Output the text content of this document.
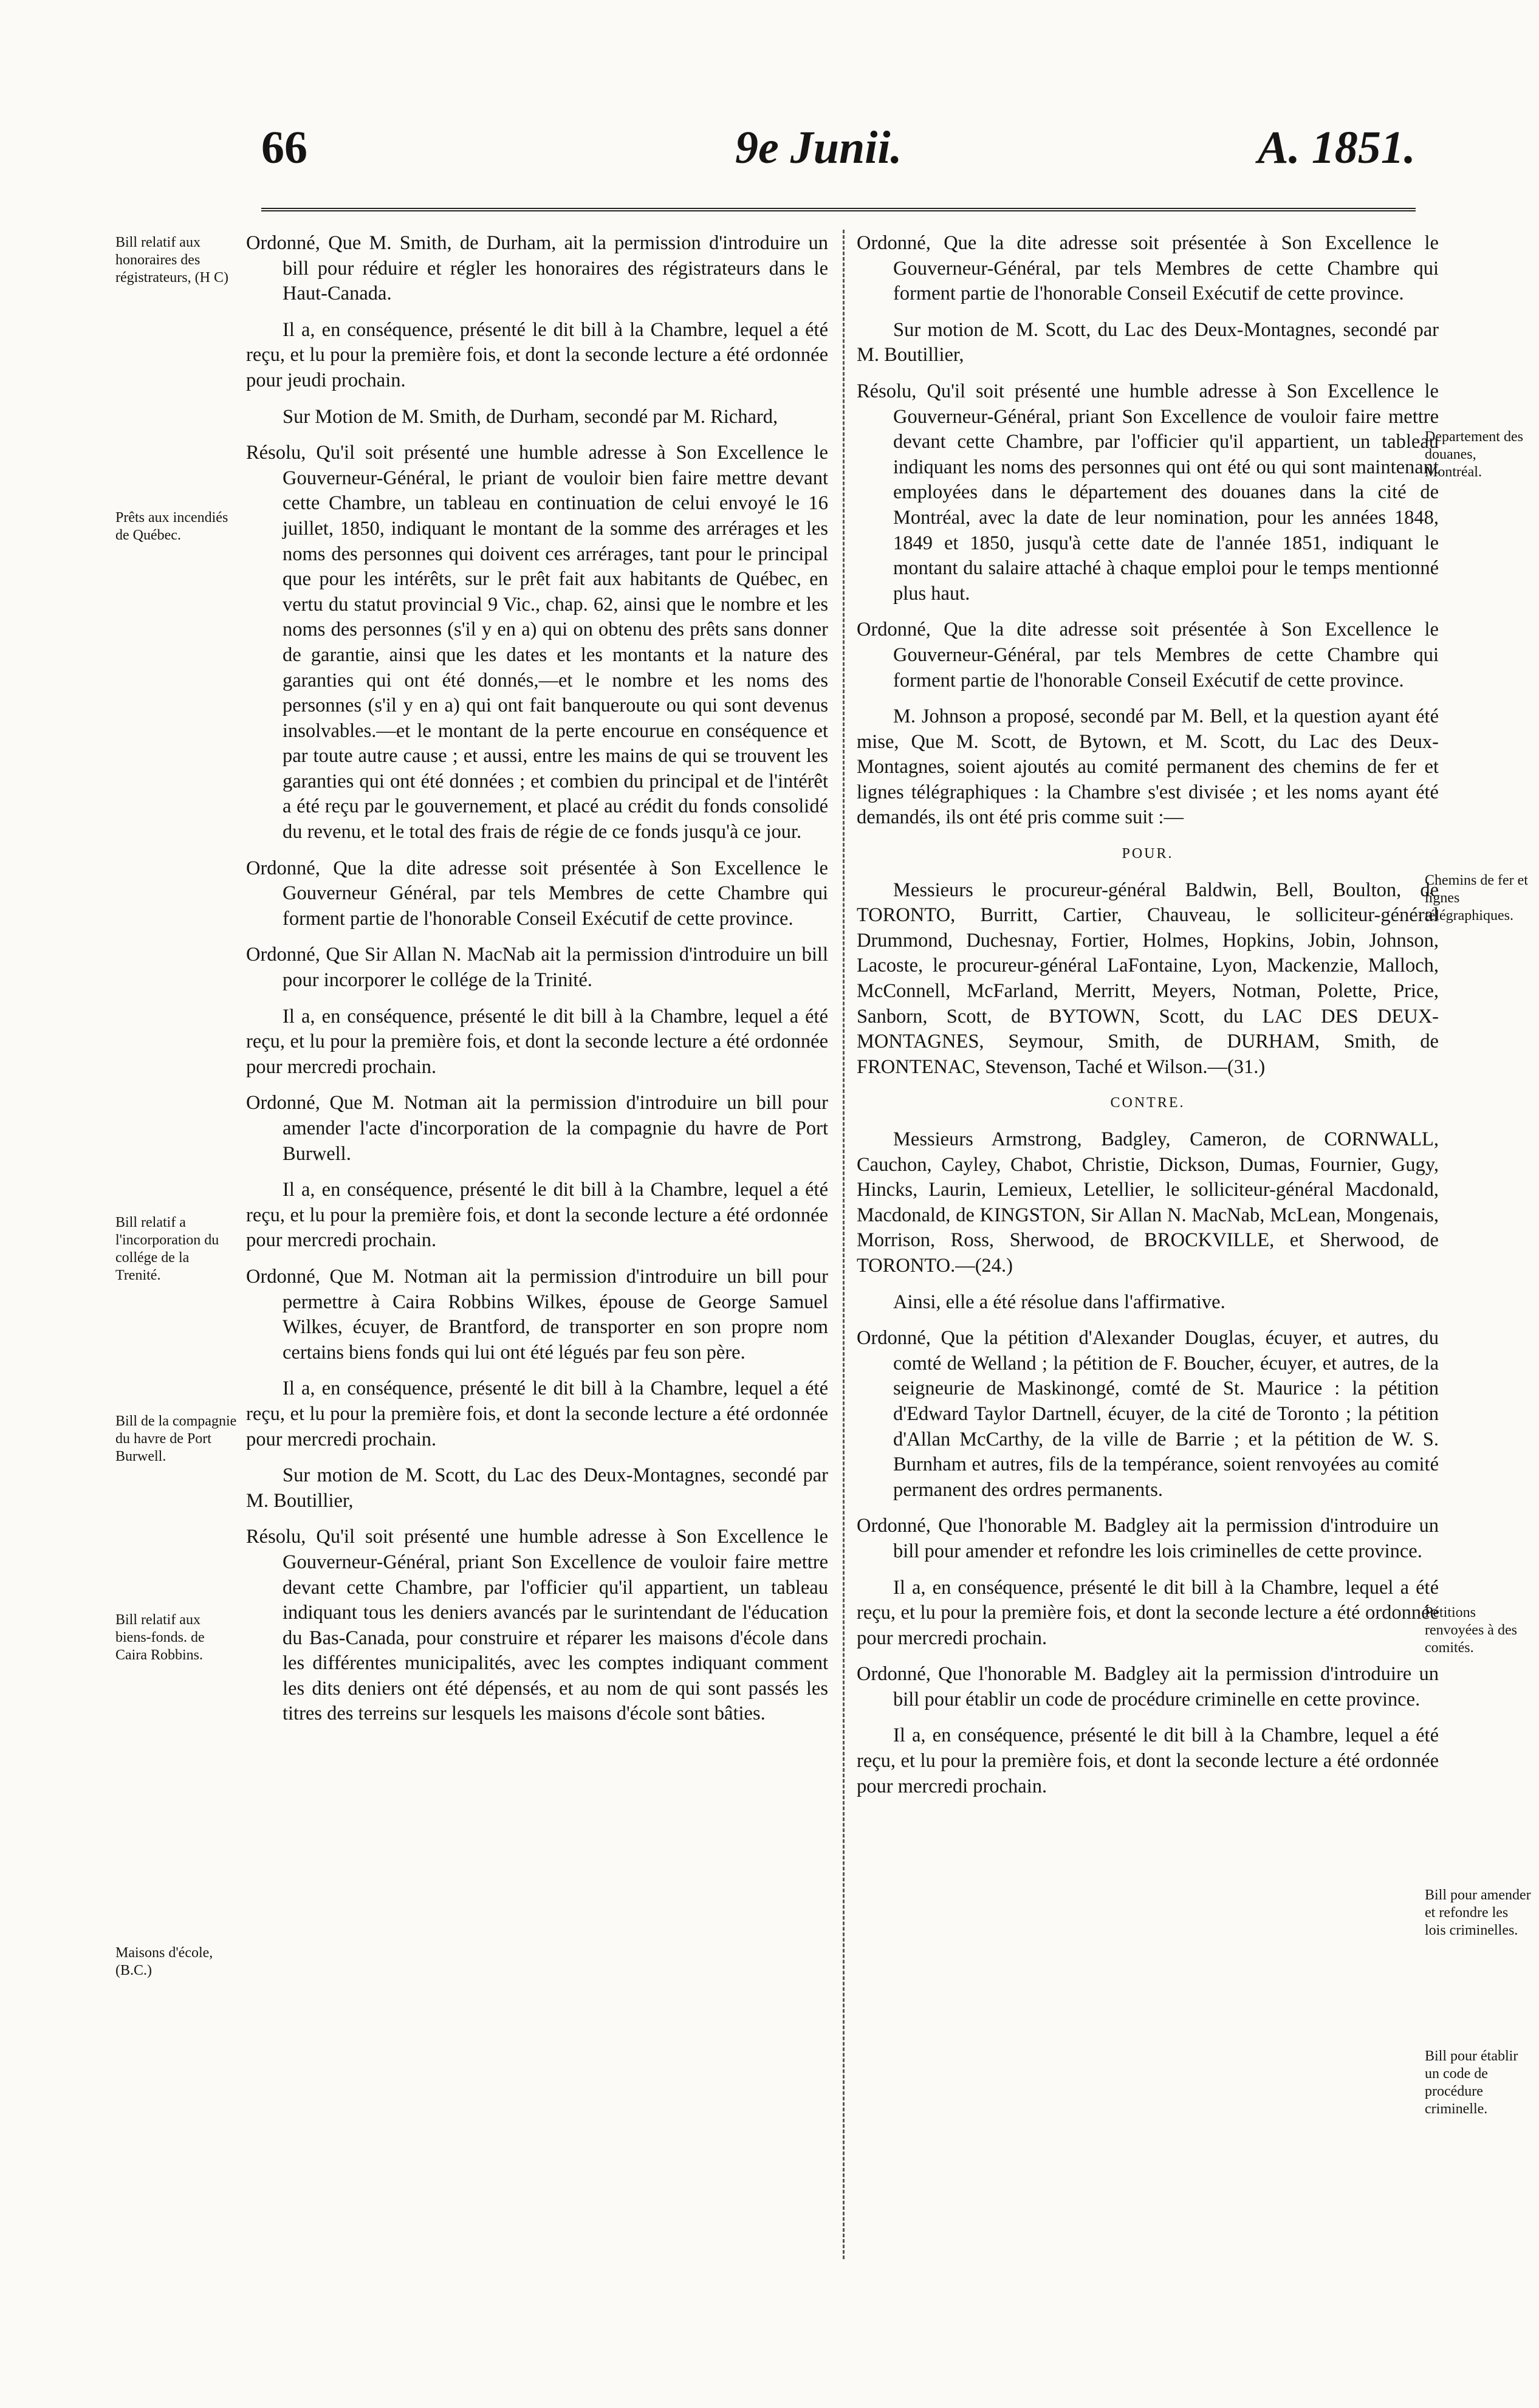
66	9e Junii.	A. 1851.
Bill relatif aux honoraires des régistrateurs, (H C)
Prêts aux incendiés de Québec.
Bill relatif a l'incorporation du collége de la Trenité.
Bill de la compagnie du havre de Port Burwell.
Bill relatif aux biens-fonds. de Caira Robbins.
Maisons d'école, (B.C.)
Departement des douanes, Montréal.
Chemins de fer et lignes télégraphiques.
Pétitions renvoyées à des comités.
Bill pour amender et refondre les lois criminelles.
Bill pour établir un code de procédure criminelle.

Ordonné, Que M. Smith, de Durham, ait la permission d'introduire un bill pour réduire et régler les honoraires des régistrateurs dans le Haut-Canada.

Il a, en conséquence, présenté le dit bill à la Chambre, lequel a été reçu, et lu pour la première fois, et dont la seconde lecture a été ordonnée pour jeudi prochain.

Sur Motion de M. Smith, de Durham, secondé par M. Richard,

Résolu, Qu'il soit présenté une humble adresse à Son Excellence le Gouverneur-Général, le priant de vouloir bien faire mettre devant cette Chambre, un tableau en continuation de celui envoyé le 16 juillet, 1850, indiquant le montant de la somme des arrérages et les noms des personnes qui doivent ces arrérages, tant pour le principal que pour les intérêts, sur le prêt fait aux habitants de Québec, en vertu du statut provincial 9 Vic., chap. 62, ainsi que le nombre et les noms des personnes (s'il y en a) qui on obtenu des prêts sans donner de garantie, ainsi que les dates et les montants et la nature des garanties qui ont été donnés,—et le nombre et les noms des personnes (s'il y en a) qui ont fait banqueroute ou qui sont devenus insolvables.—et le montant de la perte encourue en conséquence et par toute autre cause ; et aussi, entre les mains de qui se trouvent les garanties qui ont été données ; et combien du principal et de l'intérêt a été reçu par le gouvernement, et placé au crédit du fonds consolidé du revenu, et le total des frais de régie de ce fonds jusqu'à ce jour.

Ordonné, Que la dite adresse soit présentée à Son Excellence le Gouverneur Général, par tels Membres de cette Chambre qui forment partie de l'honorable Conseil Exécutif de cette province.

Ordonné, Que Sir Allan N. MacNab ait la permission d'introduire un bill pour incorporer le collége de la Trinité.

Il a, en conséquence, présenté le dit bill à la Chambre, lequel a été reçu, et lu pour la première fois, et dont la seconde lecture a été ordonnée pour mercredi prochain.

Ordonné, Que M. Notman ait la permission d'introduire un bill pour amender l'acte d'incorporation de la compagnie du havre de Port Burwell.

Il a, en conséquence, présenté le dit bill à la Chambre, lequel a été reçu, et lu pour la première fois, et dont la seconde lecture a été ordonnée pour mercredi prochain.

Ordonné, Que M. Notman ait la permission d'introduire un bill pour permettre à Caira Robbins Wilkes, épouse de George Samuel Wilkes, écuyer, de Brantford, de transporter en son propre nom certains biens fonds qui lui ont été légués par feu son père.

Il a, en conséquence, présenté le dit bill à la Chambre, lequel a été reçu, et lu pour la première fois, et dont la seconde lecture a été ordonnée pour mercredi prochain.

Sur motion de M. Scott, du Lac des Deux-Montagnes, secondé par M. Boutillier,

Résolu, Qu'il soit présenté une humble adresse à Son Excellence le Gouverneur-Général, priant Son Excellence de vouloir faire mettre devant cette Chambre, par l'officier qu'il appartient, un tableau indiquant tous les deniers avancés par le surintendant de l'éducation du Bas-Canada, pour construire et réparer les maisons d'école dans les différentes municipalités, avec les comptes indiquant comment les dits deniers ont été dépensés, et au nom de qui sont passés les titres des terreins sur lesquels les maisons d'école sont bâties.

Ordonné, Que la dite adresse soit présentée à Son Excellence le Gouverneur-Général, par tels Membres de cette Chambre qui forment partie de l'honorable Conseil Exécutif de cette province.

Sur motion de M. Scott, du Lac des Deux-Montagnes, secondé par M. Boutillier,

Résolu, Qu'il soit présenté une humble adresse à Son Excellence le Gouverneur-Général, priant Son Excellence de vouloir faire mettre devant cette Chambre, par l'officier qu'il appartient, un tableau indiquant les noms des personnes qui ont été ou qui sont maintenant employées dans le département des douanes dans la cité de Montréal, avec la date de leur nomination, pour les années 1848, 1849 et 1850, jusqu'à cette date de l'année 1851, indiquant le montant du salaire attaché à chaque emploi pour le temps mentionné plus haut.

Ordonné, Que la dite adresse soit présentée à Son Excellence le Gouverneur-Général, par tels Membres de cette Chambre qui forment partie de l'honorable Conseil Exécutif de cette province.

M. Johnson a proposé, secondé par M. Bell, et la question ayant été mise, Que M. Scott, de Bytown, et M. Scott, du Lac des Deux-Montagnes, soient ajoutés au comité permanent des chemins de fer et lignes télégraphiques : la Chambre s'est divisée ; et les noms ayant été demandés, ils ont été pris comme suit :—

POUR.

Messieurs le procureur-général Baldwin, Bell, Boulton, de TORONTO, Burritt, Cartier, Chauveau, le solliciteur-général Drummond, Duchesnay, Fortier, Holmes, Hopkins, Jobin, Johnson, Lacoste, le procureur-général LaFontaine, Lyon, Mackenzie, Malloch, McConnell, McFarland, Merritt, Meyers, Notman, Polette, Price, Sanborn, Scott, de BYTOWN, Scott, du LAC DES DEUX-MONTAGNES, Seymour, Smith, de DURHAM, Smith, de FRONTENAC, Stevenson, Taché et Wilson.—(31.)

CONTRE.

Messieurs Armstrong, Badgley, Cameron, de CORNWALL, Cauchon, Cayley, Chabot, Christie, Dickson, Dumas, Fournier, Gugy, Hincks, Laurin, Lemieux, Letellier, le solliciteur-général Macdonald, Macdonald, de KINGSTON, Sir Allan N. MacNab, McLean, Mongenais, Morrison, Ross, Sherwood, de BROCKVILLE, et Sherwood, de TORONTO.—(24.)

Ainsi, elle a été résolue dans l'affirmative.

Ordonné, Que la pétition d'Alexander Douglas, écuyer, et autres, du comté de Welland ; la pétition de F. Boucher, écuyer, et autres, de la seigneurie de Maskinongé, comté de St. Maurice : la pétition d'Edward Taylor Dartnell, écuyer, de la cité de Toronto ; la pétition d'Allan McCarthy, de la ville de Barrie ; et la pétition de W. S. Burnham et autres, fils de la tempérance, soient renvoyées au comité permanent des ordres permanents.

Ordonné, Que l'honorable M. Badgley ait la permission d'introduire un bill pour amender et refondre les lois criminelles de cette province.

Il a, en conséquence, présenté le dit bill à la Chambre, lequel a été reçu, et lu pour la première fois, et dont la seconde lecture a été ordonnée pour mercredi prochain.

Ordonné, Que l'honorable M. Badgley ait la permission d'introduire un bill pour établir un code de procédure criminelle en cette province.

Il a, en conséquence, présenté le dit bill à la Chambre, lequel a été reçu, et lu pour la première fois, et dont la seconde lecture a été ordonnée pour mercredi prochain.
